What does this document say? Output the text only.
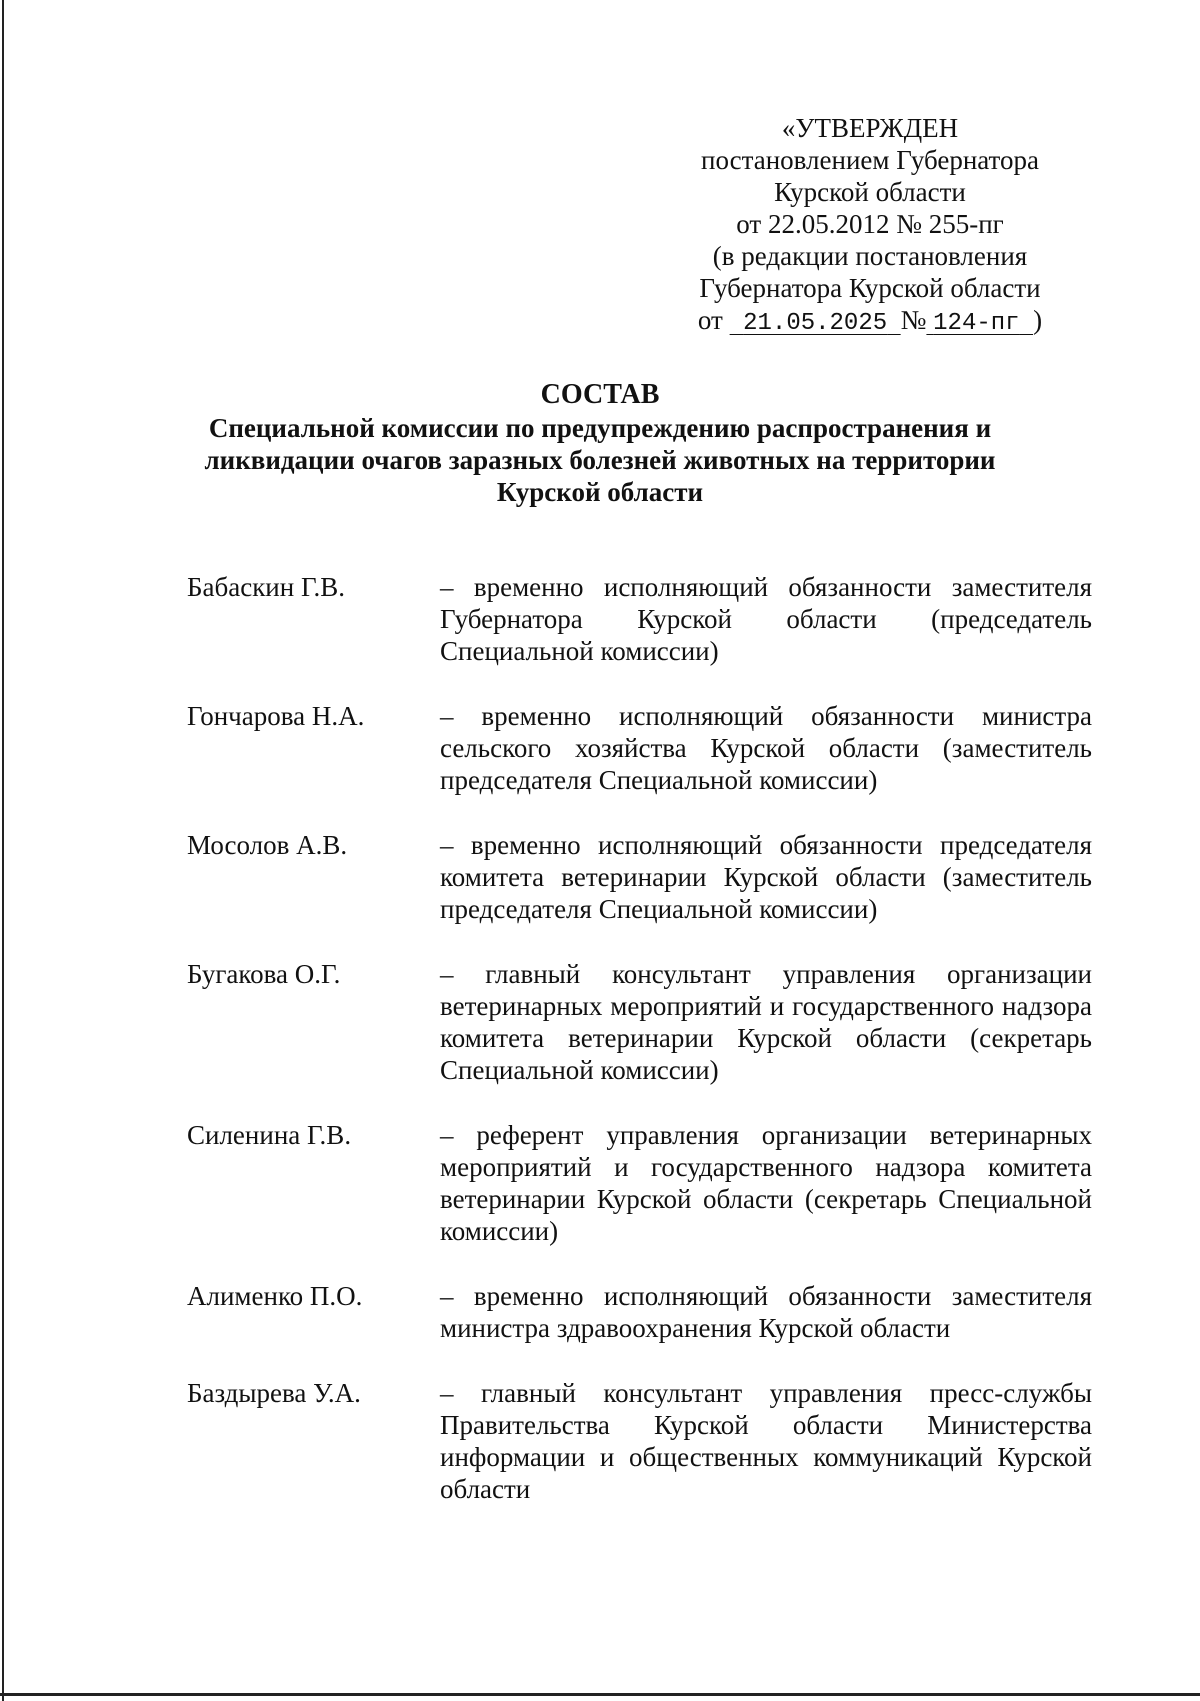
«УТВЕРЖДЕН
постановлением Губернатора
Курской области
от 22.05.2012 № 255-пг
(в редакции постановления
Губернатора Курской области
от 21.05.2025 № 124-пг )
СОСТАВ
Специальной комиссии по предупреждению распространения и ликвидации очагов заразных болезней животных на территории Курской области
Бабаскин Г.В.	– временно исполняющий обязанности заместителя Губернатора Курской области (председатель Специальной комиссии)
Гончарова Н.А.	– временно исполняющий обязанности министра сельского хозяйства Курской области (заместитель председателя Специальной комиссии)
Мосолов А.В.	– временно исполняющий обязанности председателя комитета ветеринарии Курской области (заместитель председателя Специальной комиссии)
Бугакова О.Г.	– главный консультант управления организации ветеринарных мероприятий и государственного надзора комитета ветеринарии Курской области (секретарь Специальной комиссии)
Силенина Г.В.	– референт управления организации ветеринарных мероприятий и государственного надзора комитета ветеринарии Курской области (секретарь Специальной комиссии)
Алименко П.О.	– временно исполняющий обязанности заместителя министра здравоохранения Курской области
Баздырева У.А.	– главный консультант управления пресс-службы Правительства Курской области Министерства информации и общественных коммуникаций Курской области
